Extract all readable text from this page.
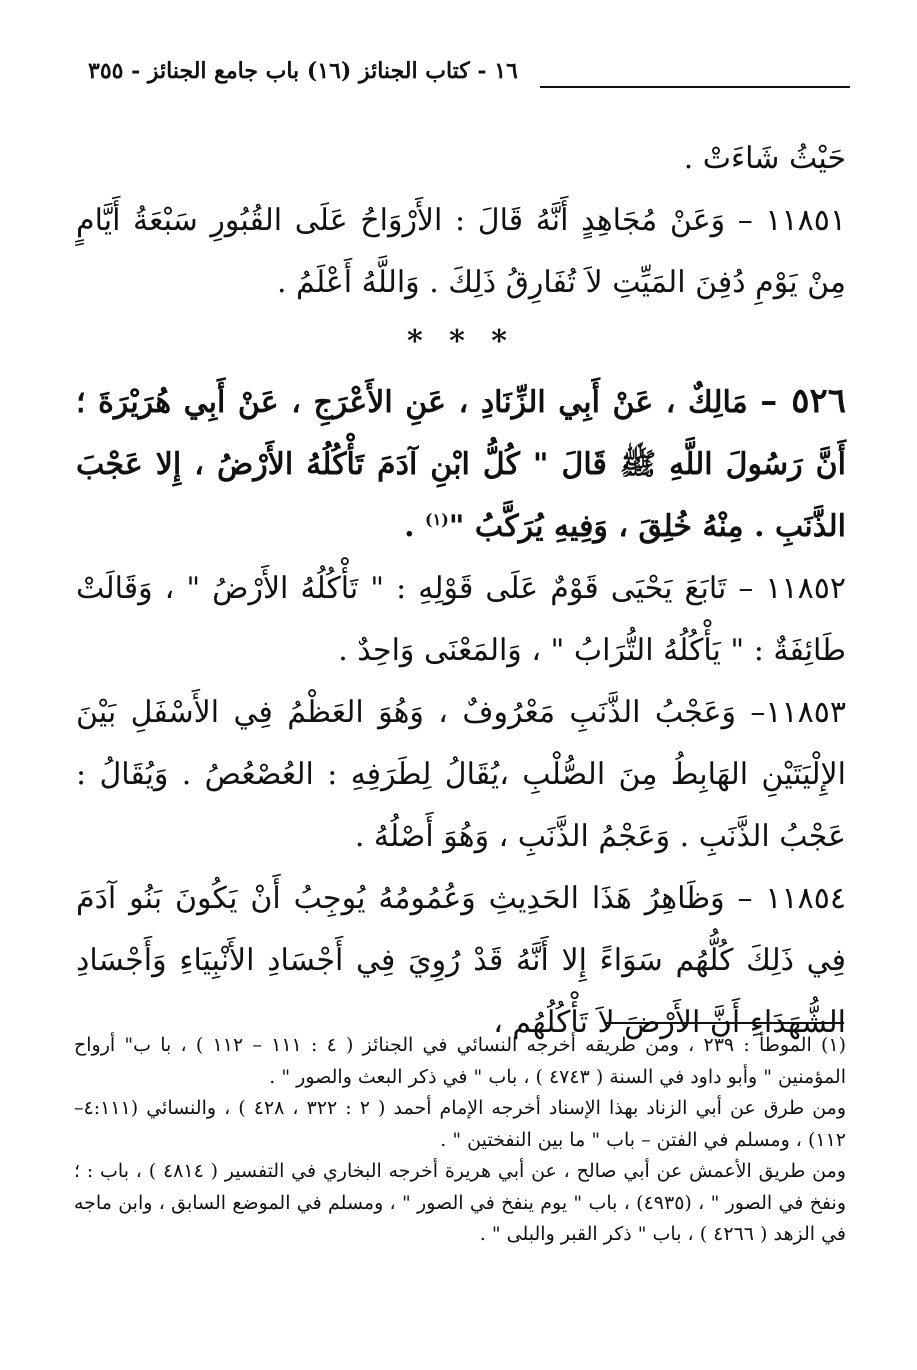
١٦ - كتاب الجنائز (١٦) باب جامع الجنائز - ٣٥٥

حَيْثُ شَاءَتْ .

١١٨٥١ – وَعَنْ مُجَاهِدٍ أَنَّهُ قَالَ : الأَرْوَاحُ عَلَى القُبُورِ سَبْعَةُ أَيَّامٍ مِنْ يَوْمِ دُفِنَ المَيِّتِ لاَ تُفَارِقُ ذَلِكَ . وَاللَّهُ أَعْلَمُ .

* * *

٥٢٦ – مَالِكٌ ، عَنْ أَبِي الزِّنَادِ ، عَنِ الأَعْرَجِ ، عَنْ أَبِي هُرَيْرَةَ ؛ أَنَّ رَسُولَ اللَّهِ ﷺ قَالَ " كُلُّ ابْنِ آدَمَ تَأْكُلُهُ الأَرْضُ ، إِلا عَجْبَ الذَّنَبِ . مِنْهُ خُلِقَ ، وَفِيهِ يُرَكَّبُ "$^{(١)}$ .

١١٨٥٢ – تَابَعَ يَحْيَى قَوْمٌ عَلَى قَوْلِهِ : " تَأْكُلُهُ الأَرْضُ " ، وَقَالَتْ طَائِفَةٌ : " يَأْكُلُهُ التُّرَابُ " ، وَالمَعْنَى وَاحِدٌ .

١١٨٥٣– وَعَجْبُ الذَّنَبِ مَعْرُوفٌ ، وَهُوَ العَظْمُ فِي الأَسْفَلِ بَيْنَ الإِلْيَتَيْنِ الهَابِطُ مِنَ الصُّلْبِ ،يُقَالُ لِطَرَفِهِ : العُصْعُصُ . وَيُقَالُ : عَجْبُ الذَّنَبِ . وَعَجْمُ الذَّنَبِ ، وَهُوَ أَصْلُهُ .

١١٨٥٤ – وَظَاهِرُ هَذَا الحَدِيثِ وَعُمُومُهُ يُوجِبُ أَنْ يَكُونَ بَنُو آدَمَ فِي ذَلِكَ كُلُّهُم سَوَاءً إِلا أَنَّهُ قَدْ رُوِيَ فِي أَجْسَادِ الأَنْبِيَاءِ وَأَجْسَادِ الشُّهَدَاءِ أَنَّ الأَرْضَ لاَ تَأْكُلُهُم ،

(١) الموطأ : ٢٣٩ ، ومن طريقه أخرجه النسائي في الجنائز ( ٤ : ١١١ – ١١٢ ) ، با ب" أرواح المؤمنين " وأبو داود في السنة ( ٤٧٤٣ ) ، باب " في ذكر البعث والصور " .

ومن طرق عن أبي الزناد بهذا الإسناد أخرجه الإمام أحمد ( ٢ : ٣٢٢ ، ٤٢٨ ) ، والنسائي (٤:١١١– ١١٢) ، ومسلم في الفتن – باب " ما بين النفختين " .

ومن طريق الأعمش عن أبي صالح ، عن أبي هريرة أخرجه البخاري في التفسير ( ٤٨١٤ ) ، باب : ؛ ونفخ في الصور " ، (٤٩٣٥) ، باب " يوم ينفخ في الصور " ، ومسلم في الموضع السابق ، وابن ماجه في الزهد ( ٤٢٦٦ ) ، باب " ذكر القبر والبلى " .
